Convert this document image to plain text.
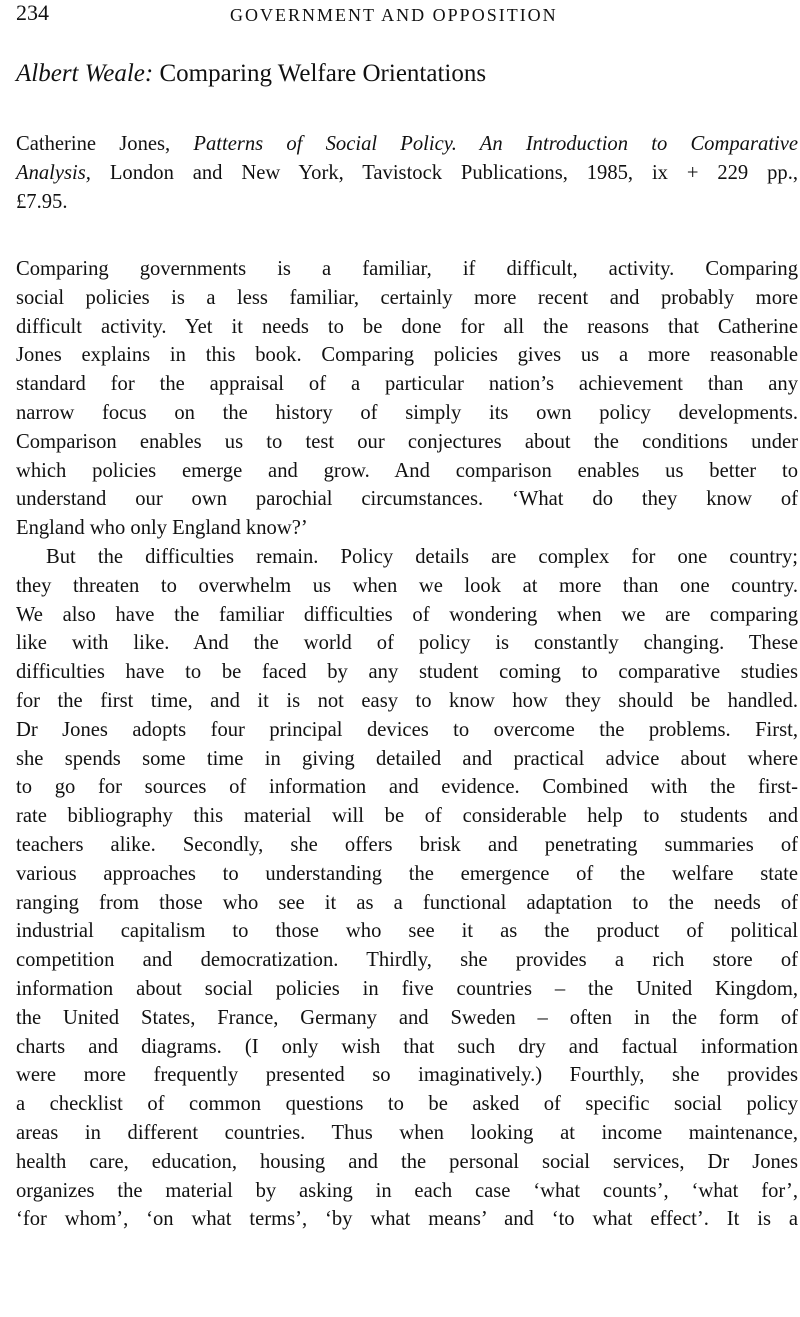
234	GOVERNMENT AND OPPOSITION
Albert Weale: Comparing Welfare Orientations
Catherine Jones, Patterns of Social Policy. An Introduction to Comparative
Analysis, London and New York, Tavistock Publications, 1985, ix + 229 pp.,
£7.95.
Comparing governments is a familiar, if difficult, activity. Comparing
social policies is a less familiar, certainly more recent and probably more
difficult activity. Yet it needs to be done for all the reasons that Catherine
Jones explains in this book. Comparing policies gives us a more reasonable
standard for the appraisal of a particular nation’s achievement than any
narrow focus on the history of simply its own policy developments.
Comparison enables us to test our conjectures about the conditions under
which policies emerge and grow. And comparison enables us better to
understand our own parochial circumstances. ‘What do they know of
England who only England know?’
But the difficulties remain. Policy details are complex for one country;
they threaten to overwhelm us when we look at more than one country.
We also have the familiar difficulties of wondering when we are comparing
like with like. And the world of policy is constantly changing. These
difficulties have to be faced by any student coming to comparative studies
for the first time, and it is not easy to know how they should be handled.
Dr Jones adopts four principal devices to overcome the problems. First,
she spends some time in giving detailed and practical advice about where
to go for sources of information and evidence. Combined with the first-
rate bibliography this material will be of considerable help to students and
teachers alike. Secondly, she offers brisk and penetrating summaries of
various approaches to understanding the emergence of the welfare state
ranging from those who see it as a functional adaptation to the needs of
industrial capitalism to those who see it as the product of political
competition and democratization. Thirdly, she provides a rich store of
information about social policies in five countries – the United Kingdom,
the United States, France, Germany and Sweden – often in the form of
charts and diagrams. (I only wish that such dry and factual information
were more frequently presented so imaginatively.) Fourthly, she provides
a checklist of common questions to be asked of specific social policy
areas in different countries. Thus when looking at income maintenance,
health care, education, housing and the personal social services, Dr Jones
organizes the material by asking in each case ‘what counts’, ‘what for’,
‘for whom’, ‘on what terms’, ‘by what means’ and ‘to what effect’. It is a
